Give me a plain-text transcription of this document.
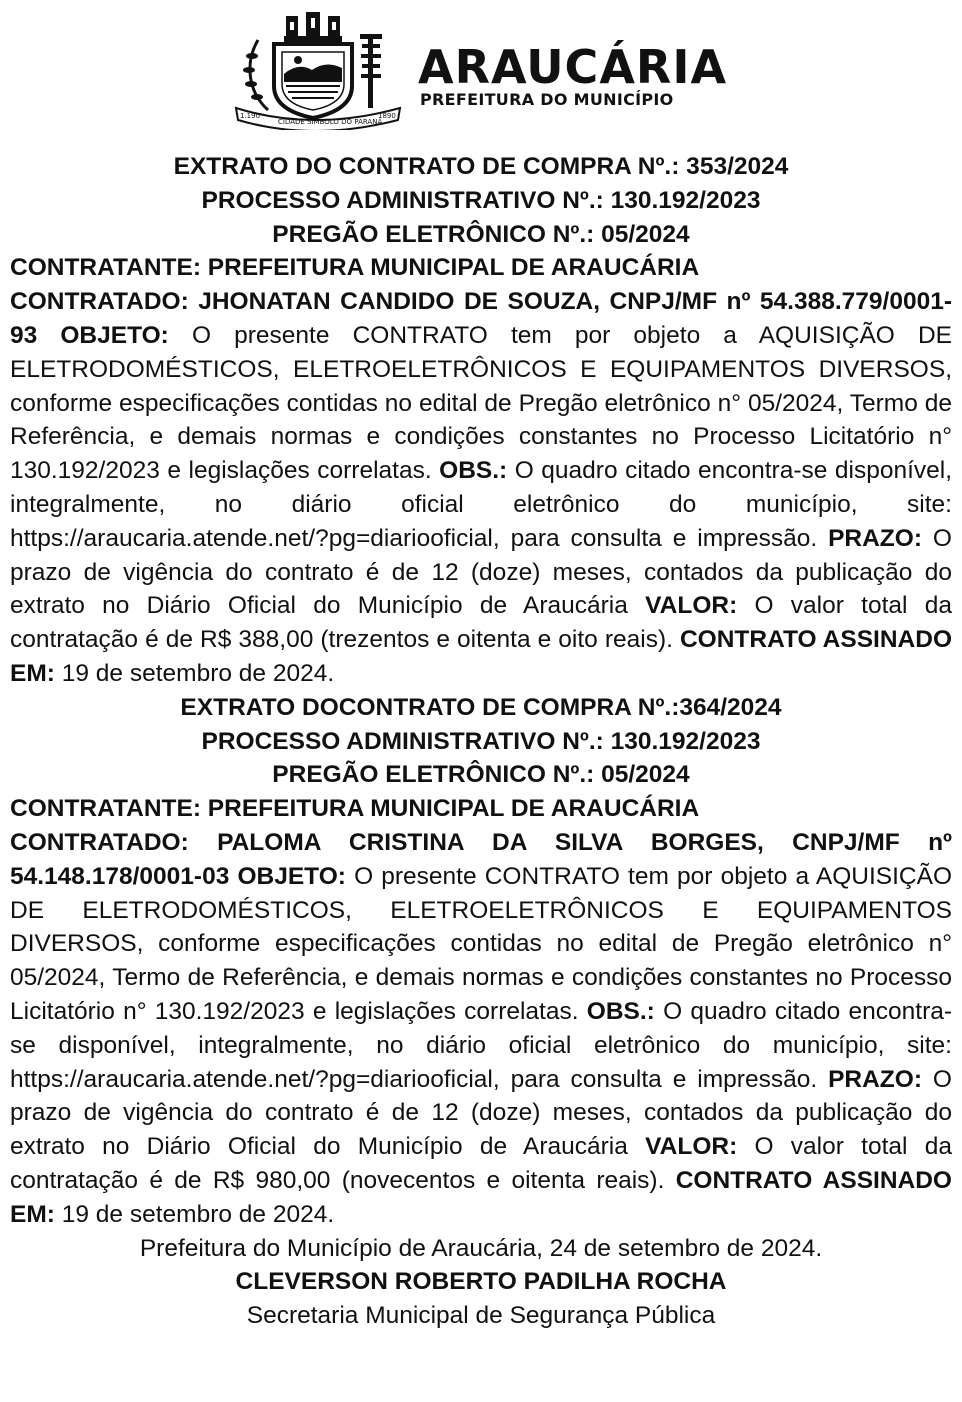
1.190
CIDADE SÍMBOLO DO PARANÁ
1890
ARAUCÁRIA
PREFEITURA DO MUNICÍPIO
EXTRATO DO CONTRATO DE COMPRA Nº.: 353/2024
PROCESSO ADMINISTRATIVO Nº.: 130.192/2023
PREGÃO ELETRÔNICO Nº.: 05/2024
CONTRATANTE: PREFEITURA MUNICIPAL DE ARAUCÁRIA
CONTRATADO: JHONATAN CANDIDO DE SOUZA, CNPJ/MF nº 54.388.779/0001-93 OBJETO: O presente CONTRATO tem por objeto a AQUISIÇÃO DE ELETRODOMÉSTICOS, ELETROELETRÔNICOS E EQUIPAMENTOS DIVERSOS, conforme especificações contidas no edital de Pregão eletrônico n° 05/2024, Termo de Referência, e demais normas e condições constantes no Processo Licitatório n° 130.192/2023 e legislações correlatas. OBS.: O quadro citado encontra-se disponível, integralmente, no diário oficial eletrônico do município, site: https://araucaria.atende.net/?pg=diariooficial, para consulta e impressão. PRAZO: O prazo de vigência do contrato é de 12 (doze) meses, contados da publicação do extrato no Diário Oficial do Município de Araucária VALOR: O valor total da contratação é de R$ 388,00 (trezentos e oitenta e oito reais). CONTRATO ASSINADO EM: 19 de setembro de 2024.
EXTRATO DOCONTRATO DE COMPRA Nº.:364/2024
PROCESSO ADMINISTRATIVO Nº.: 130.192/2023
PREGÃO ELETRÔNICO Nº.: 05/2024
CONTRATANTE: PREFEITURA MUNICIPAL DE ARAUCÁRIA
CONTRATADO: PALOMA CRISTINA DA SILVA BORGES, CNPJ/MF nº 54.148.178/0001-03 OBJETO: O presente CONTRATO tem por objeto a AQUISIÇÃO DE ELETRODOMÉSTICOS, ELETROELETRÔNICOS E EQUIPAMENTOS DIVERSOS, conforme especificações contidas no edital de Pregão eletrônico n° 05/2024, Termo de Referência, e demais normas e condições constantes no Processo Licitatório n° 130.192/2023 e legislações correlatas. OBS.: O quadro citado encontra-se disponível, integralmente, no diário oficial eletrônico do município, site: https://araucaria.atende.net/?pg=diariooficial, para consulta e impressão. PRAZO: O prazo de vigência do contrato é de 12 (doze) meses, contados da publicação do extrato no Diário Oficial do Município de Araucária VALOR: O valor total da contratação é de R$ 980,00 (novecentos e oitenta reais). CONTRATO ASSINADO EM: 19 de setembro de 2024.
Prefeitura do Município de Araucária, 24 de setembro de 2024.
CLEVERSON ROBERTO PADILHA ROCHA
Secretaria Municipal de Segurança Pública
